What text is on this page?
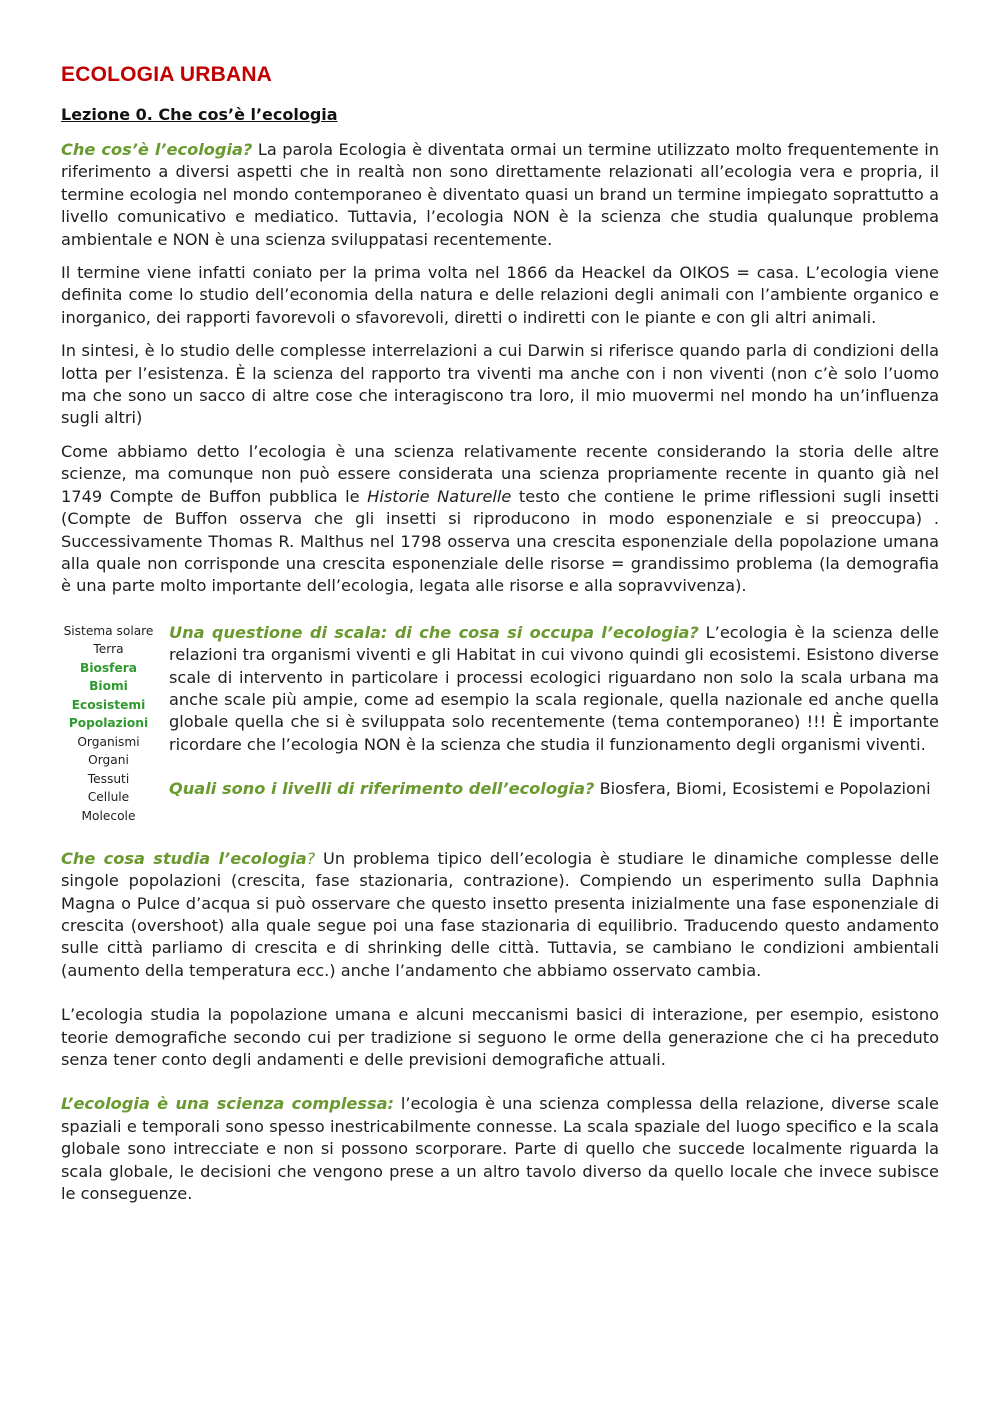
ECOLOGIA URBANA
Lezione 0. Che cos’è l’ecologia

Che cos’è l’ecologia? La parola Ecologia è diventata ormai un termine utilizzato molto frequentemente in riferimento a diversi aspetti che in realtà non sono direttamente relazionati all’ecologia vera e propria, il termine ecologia nel mondo contemporaneo è diventato quasi un brand un termine impiegato soprattutto a livello comunicativo e mediatico. Tuttavia, l’ecologia NON è la scienza che studia qualunque problema ambientale e NON è una scienza sviluppatasi recentemente.

Il termine viene infatti coniato per la prima volta nel 1866 da Heackel da OIKOS = casa. L’ecologia viene definita come lo studio dell’economia della natura e delle relazioni degli animali con l’ambiente organico e inorganico, dei rapporti favorevoli o sfavorevoli, diretti o indiretti con le piante e con gli altri animali.

In sintesi, è lo studio delle complesse interrelazioni a cui Darwin si riferisce quando parla di condizioni della lotta per l’esistenza. È la scienza del rapporto tra viventi ma anche con i non viventi (non c’è solo l’uomo ma che sono un sacco di altre cose che interagiscono tra loro, il mio muovermi nel mondo ha un’influenza sugli altri)

Come abbiamo detto l’ecologia è una scienza relativamente recente considerando la storia delle altre scienze, ma comunque non può essere considerata una scienza propriamente recente in quanto già nel 1749 Compte de Buffon pubblica le Historie Naturelle testo che contiene le prime riflessioni sugli insetti (Compte de Buffon osserva che gli insetti si riproducono in modo esponenziale e si preoccupa) . Successivamente Thomas R. Malthus nel 1798 osserva una crescita esponenziale della popolazione umana alla quale non corrisponde una crescita esponenziale delle risorse = grandissimo problema (la demografia è una parte molto importante dell’ecologia, legata alle risorse e alla sopravvivenza).

Sistema solare
Terra
Biosfera
Biomi
Ecosistemi
Popolazioni
Organismi
Organi
Tessuti
Cellule
Molecole

Una questione di scala: di che cosa si occupa l’ecologia? L’ecologia è la scienza delle relazioni tra organismi viventi e gli Habitat in cui vivono quindi gli ecosistemi. Esistono diverse scale di intervento in particolare i processi ecologici riguardano non solo la scala urbana ma anche scale più ampie, come ad esempio la scala regionale, quella nazionale ed anche quella globale quella che si è sviluppata solo recentemente (tema contemporaneo) !!! È importante ricordare che l’ecologia NON è la scienza che studia il funzionamento degli organismi viventi.

Quali sono i livelli di riferimento dell’ecologia? Biosfera, Biomi, Ecosistemi e Popolazioni

Che cosa studia l’ecologia? Un problema tipico dell’ecologia è studiare le dinamiche complesse delle singole popolazioni (crescita, fase stazionaria, contrazione). Compiendo un esperimento sulla Daphnia Magna o Pulce d’acqua si può osservare che questo insetto presenta inizialmente una fase esponenziale di crescita (overshoot) alla quale segue poi una fase stazionaria di equilibrio. Traducendo questo andamento sulle città parliamo di crescita e di shrinking delle città. Tuttavia, se cambiano le condizioni ambientali (aumento della temperatura ecc.) anche l’andamento che abbiamo osservato cambia.

L’ecologia studia la popolazione umana e alcuni meccanismi basici di interazione, per esempio, esistono teorie demografiche secondo cui per tradizione si seguono le orme della generazione che ci ha preceduto senza tener conto degli andamenti e delle previsioni demografiche attuali.

L’ecologia è una scienza complessa: l’ecologia è una scienza complessa della relazione, diverse scale spaziali e temporali sono spesso inestricabilmente connesse. La scala spaziale del luogo specifico e la scala globale sono intrecciate e non si possono scorporare. Parte di quello che succede localmente riguarda la scala globale, le decisioni che vengono prese a un altro tavolo diverso da quello locale che invece subisce le conseguenze.
